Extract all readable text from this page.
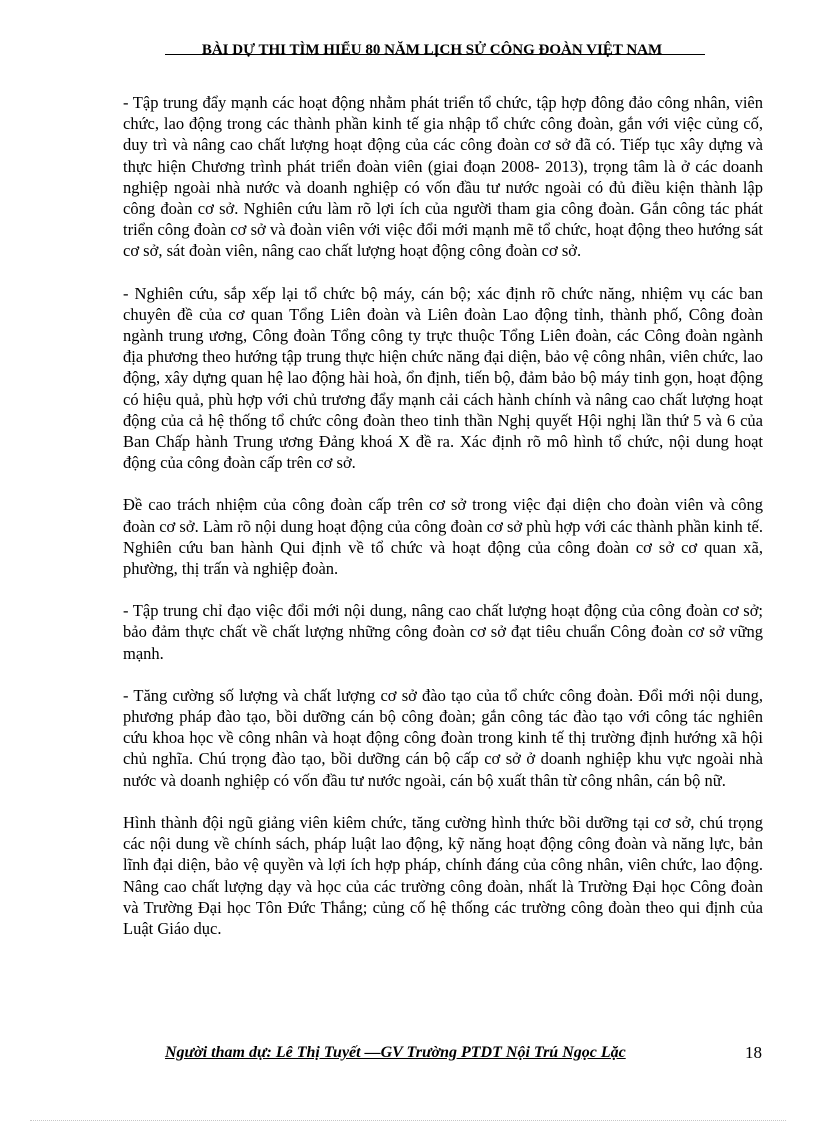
BÀI DỰ THI TÌM HIỂU 80 NĂM LỊCH SỬ CÔNG ĐOÀN VIỆT NAM

- Tập trung đẩy mạnh các hoạt động nhằm phát triển tổ chức, tập hợp đông đảo công nhân, viên chức, lao động trong các thành phần kinh tế gia nhập tổ chức công đoàn, gắn với việc củng cố, duy trì và nâng cao chất lượng hoạt động của các công đoàn cơ sở đã có. Tiếp tục xây dựng và thực hiện Chương trình phát triển đoàn viên (giai đoạn 2008- 2013), trọng tâm là ở các doanh nghiệp ngoài nhà nước và doanh nghiệp có vốn đầu tư nước ngoài có đủ điều kiện thành lập công đoàn cơ sở. Nghiên cứu làm rõ lợi ích của người tham gia công đoàn. Gắn công tác phát triển công đoàn cơ sở và đoàn viên với việc đổi mới mạnh mẽ tổ chức, hoạt động theo hướng sát cơ sở, sát đoàn viên, nâng cao chất lượng hoạt động công đoàn cơ sở.

- Nghiên cứu, sắp xếp lại tổ chức bộ máy, cán bộ; xác định rõ chức năng, nhiệm vụ các ban chuyên đề của cơ quan Tổng Liên đoàn và Liên đoàn Lao động tỉnh, thành phố, Công đoàn ngành trung ương, Công đoàn Tổng công ty trực thuộc Tổng Liên đoàn, các Công đoàn ngành địa phương theo hướng tập trung thực hiện chức năng đại diện, bảo vệ công nhân, viên chức, lao động, xây dựng quan hệ lao động hài hoà, ổn định, tiến bộ, đảm bảo bộ máy tinh gọn, hoạt động có hiệu quả, phù hợp với chủ trương đẩy mạnh cải cách hành chính và nâng cao chất lượng hoạt động của cả hệ thống tổ chức công đoàn theo tinh thần Nghị quyết Hội nghị lần thứ 5 và 6 của Ban Chấp hành Trung ương Đảng khoá X đề ra. Xác định rõ mô hình tổ chức, nội dung hoạt động của công đoàn cấp trên cơ sở.

Đề cao trách nhiệm của công đoàn cấp trên cơ sở trong việc đại diện cho đoàn viên và công đoàn cơ sở. Làm rõ nội dung hoạt động của công đoàn cơ sở phù hợp với các thành phần kinh tế. Nghiên cứu ban hành Qui định về tổ chức và hoạt động của công đoàn cơ sở cơ quan xã, phường, thị trấn và nghiệp đoàn.

- Tập trung chỉ đạo việc đổi mới nội dung, nâng cao chất lượng hoạt động của công đoàn cơ sở; bảo đảm thực chất về chất lượng những công đoàn cơ sở đạt tiêu chuẩn Công đoàn cơ sở vững mạnh.

- Tăng cường số lượng và chất lượng cơ sở đào tạo của tổ chức công đoàn. Đổi mới nội dung, phương pháp đào tạo, bồi dưỡng cán bộ công đoàn; gắn công tác đào tạo với công tác nghiên cứu khoa học về công nhân và hoạt động công đoàn trong kinh tế thị trường định hướng xã hội chủ nghĩa. Chú trọng đào tạo, bồi dưỡng cán bộ cấp cơ sở ở doanh nghiệp khu vực ngoài nhà nước và doanh nghiệp có vốn đầu tư nước ngoài, cán bộ xuất thân từ công nhân, cán bộ nữ.

Hình thành đội ngũ giảng viên kiêm chức, tăng cường hình thức bồi dưỡng tại cơ sở, chú trọng các nội dung về chính sách, pháp luật lao động, kỹ năng hoạt động công đoàn và năng lực, bản lĩnh đại diện, bảo vệ quyền và lợi ích hợp pháp, chính đáng của công nhân, viên chức, lao động. Nâng cao chất lượng dạy và học của các trường công đoàn, nhất là Trường Đại học Công đoàn và Trường Đại học Tôn Đức Thắng; củng cố hệ thống các trường công đoàn theo qui định của Luật Giáo dục.

Người tham dự: Lê Thị Tuyết —GV Trường PTDT Nội Trú Ngọc Lặc	18
